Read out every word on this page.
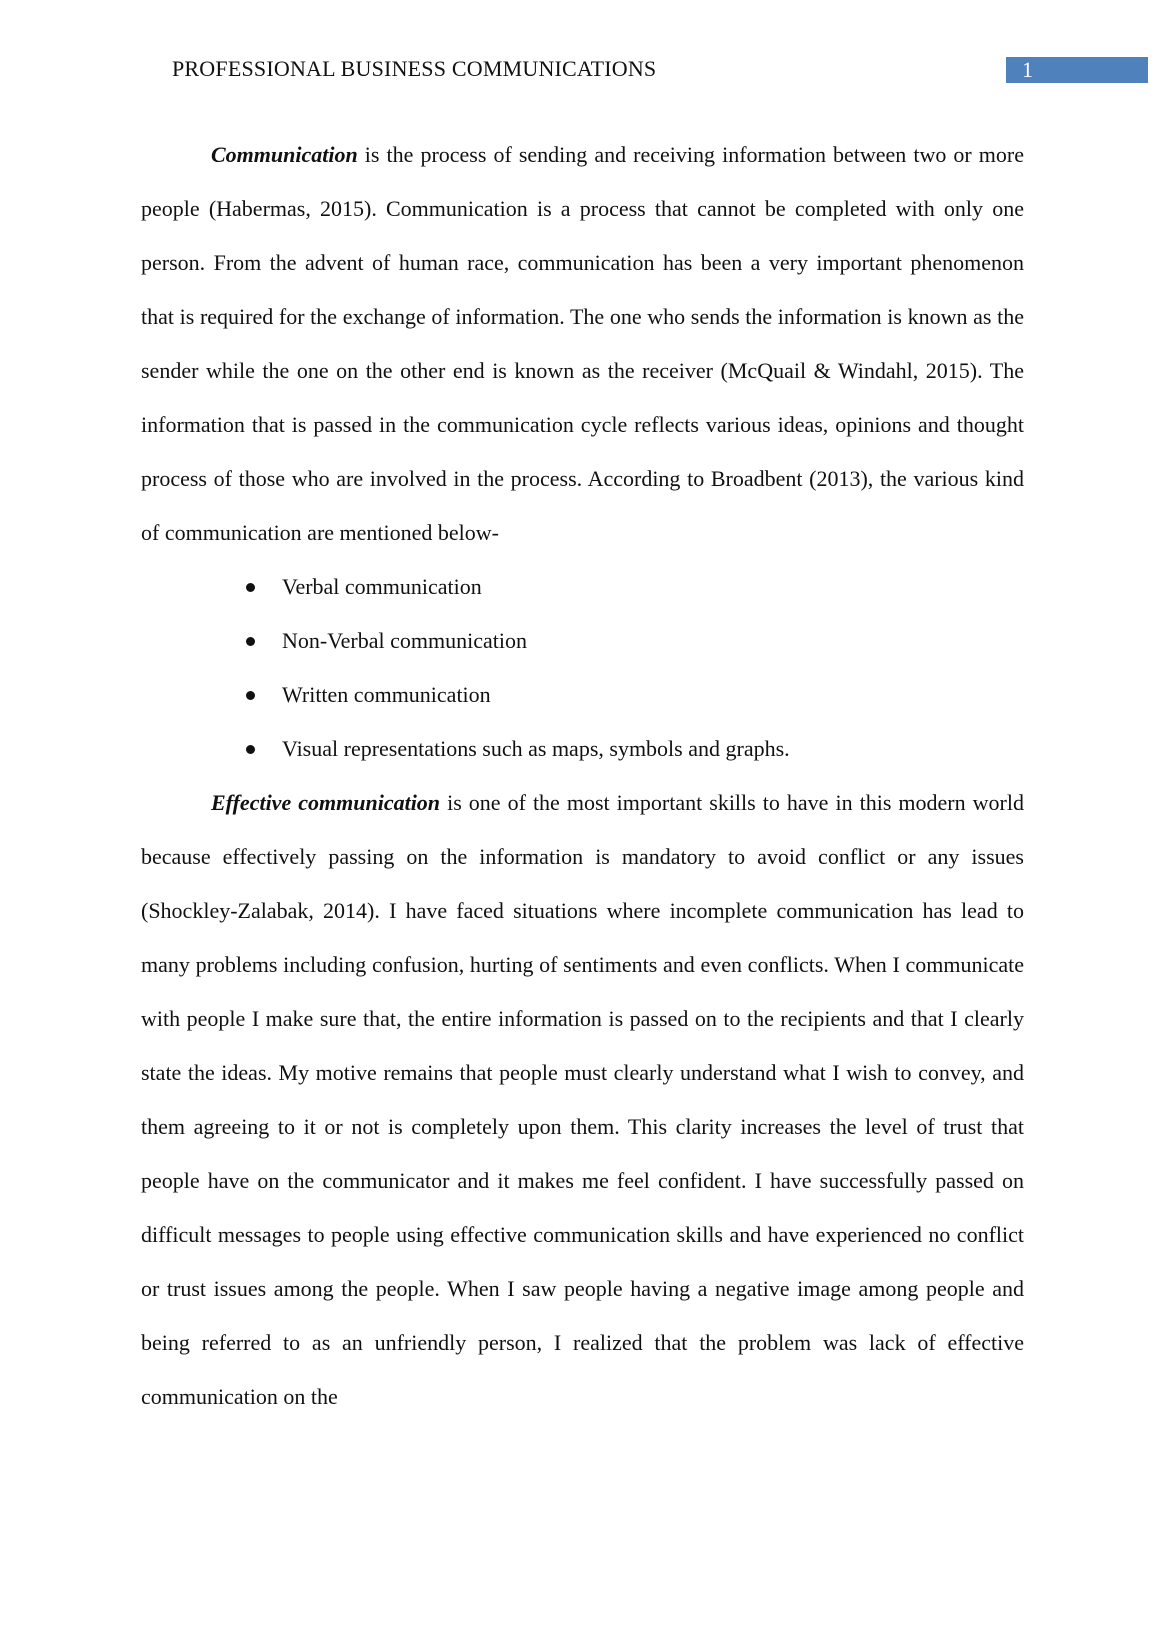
PROFESSIONAL BUSINESS COMMUNICATIONS	1

Communication is the process of sending and receiving information between two or more people (Habermas, 2015). Communication is a process that cannot be completed with only one person. From the advent of human race, communication has been a very important phenomenon that is required for the exchange of information. The one who sends the information is known as the sender while the one on the other end is known as the receiver (McQuail & Windahl, 2015). The information that is passed in the communication cycle reflects various ideas, opinions and thought process of those who are involved in the process. According to Broadbent (2013), the various kind of communication are mentioned below-

Verbal communication
Non-Verbal communication
Written communication
Visual representations such as maps, symbols and graphs.

Effective communication is one of the most important skills to have in this modern world because effectively passing on the information is mandatory to avoid conflict or any issues (Shockley-Zalabak, 2014). I have faced situations where incomplete communication has lead to many problems including confusion, hurting of sentiments and even conflicts. When I communicate with people I make sure that, the entire information is passed on to the recipients and that I clearly state the ideas. My motive remains that people must clearly understand what I wish to convey, and them agreeing to it or not is completely upon them. This clarity increases the level of trust that people have on the communicator and it makes me feel confident. I have successfully passed on difficult messages to people using effective communication skills and have experienced no conflict or trust issues among the people. When I saw people having a negative image among people and being referred to as an unfriendly person, I realized that the problem was lack of effective communication on the
